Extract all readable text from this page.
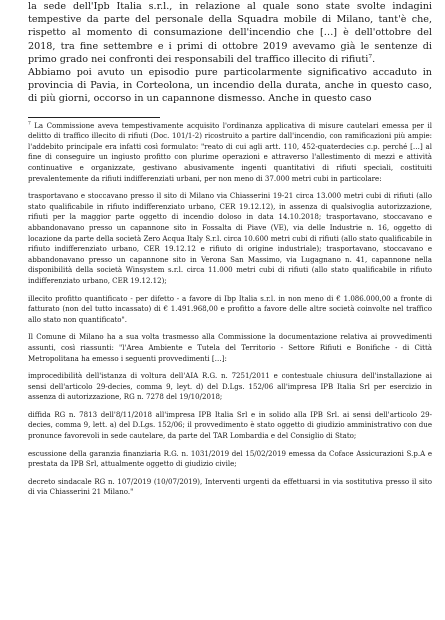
la sede dell'Ipb Italia s.r.l., in relazione al quale sono state svolte indagini tempestive da parte del personale della Squadra mobile di Milano, tant'è che, rispetto al momento di consumazione dell'incendio che […] è dell'ottobre del 2018, tra fine settembre e i primi di ottobre 2019 avevamo già le sentenze di primo grado nei confronti dei responsabili del traffico illecito di rifiuti$^7$.

Abbiamo poi avuto un episodio pure particolarmente significativo accaduto in provincia di Pavia, in Corteolona, un incendio della durata, anche in questo caso, di più giorni, occorso in un capannone dismesso. Anche in questo caso

$^7$ La Commissione aveva tempestivamente acquisito l'ordinanza applicativa di misure cautelari emessa per il delitto di traffico illecito di rifiuti (Doc. 101/1-2) ricostruito a partire dall'incendio, con ramificazioni più ampie: l'addebito principale era infatti così formulato: "reato di cui agli artt. 110, 452-quaterdecies c.p. perché […] al fine di conseguire un ingiusto profitto con plurime operazioni e attraverso l'allestimento di mezzi e attività continuative e organizzate, gestivano abusivamente ingenti quantitativi di rifiuti speciali, costituiti prevalentemente da rifiuti indifferenziati urbani, per non meno di 37.000 metri cubi in particolare:

trasportavano e stoccavano presso il sito di Milano via Chiasserini 19-21 circa 13.000 metri cubi di rifiuti (allo stato qualificabile in rifiuto indifferenziato urbano, CER 19.12.12), in assenza di qualsivoglia autorizzazione, rifiuti per la maggior parte oggetto di incendio doloso in data 14.10.2018; trasportavano, stoccavano e abbandonavano presso un capannone sito in Fossalta di Piave (VE), via delle Industrie n. 16, oggetto di locazione da parte della società Zero Acqua Italy S.r.l. circa 10.600 metri cubi di rifiuti (allo stato qualificabile in rifiuto indifferenziato urbano, CER 19.12.12 e rifiuto di origine industriale); trasportavano, stoccavano e abbandonavano presso un capannone sito in Verona San Massimo, via Lugagnano n. 41, capannone nella disponibilità della società Winsystem s.r.l. circa 11.000 metri cubi di rifiuti (allo stato qualificabile in rifiuto indifferenziato urbano, CER 19.12.12);

illecito profitto quantificato - per difetto - a favore di Ibp Italia s.r.l. in non meno di € 1.086.000,00 a fronte di fatturato (non del tutto incassato) di € 1.491.968,00 e profitto a favore delle altre società coinvolte nel traffico allo stato non quantificato".

Il Comune di Milano ha a sua volta trasmesso alla Commissione la documentazione relativa ai provvedimenti assunti, così riassunti: "l'Area Ambiente e Tutela del Territorio - Settore Rifiuti e Bonifiche - di Città Metropolitana ha emesso i seguenti provvedimenti […]:

improcedibilità dell'istanza di voltura dell'AIA R.G. n. 7251/2011 e contestuale chiusura dell'installazione ai sensi dell'articolo 29-decies, comma 9, leyt. d) del D.Lgs. 152/06 all'impresa IPB Italia Srl per esercizio in assenza di autorizzazione, RG n. 7278 del 19/10/2018;

diffida RG n. 7813 dell'8/11/2018 all'impresa IPB Italia Srl e in solido alla IPB Srl. ai sensi dell'articolo 29-decies, comma 9, lett. a) del D.Lgs. 152/06; il provvedimento è stato oggetto di giudizio amministrativo con due pronunce favorevoli in sede cautelare, da parte del TAR Lombardia e del Consiglio di Stato;

escussione della garanzia finanziaria R.G. n. 1031/2019 del 15/02/2019 emessa da Coface Assicurazioni S.p.A e prestata da IPB Srl, attualmente oggetto di giudizio civile;

decreto sindacale RG n. 107/2019 (10/07/2019), Interventi urgenti da effettuarsi in via sostitutiva presso il sito di via Chiasserini 21 Milano."
